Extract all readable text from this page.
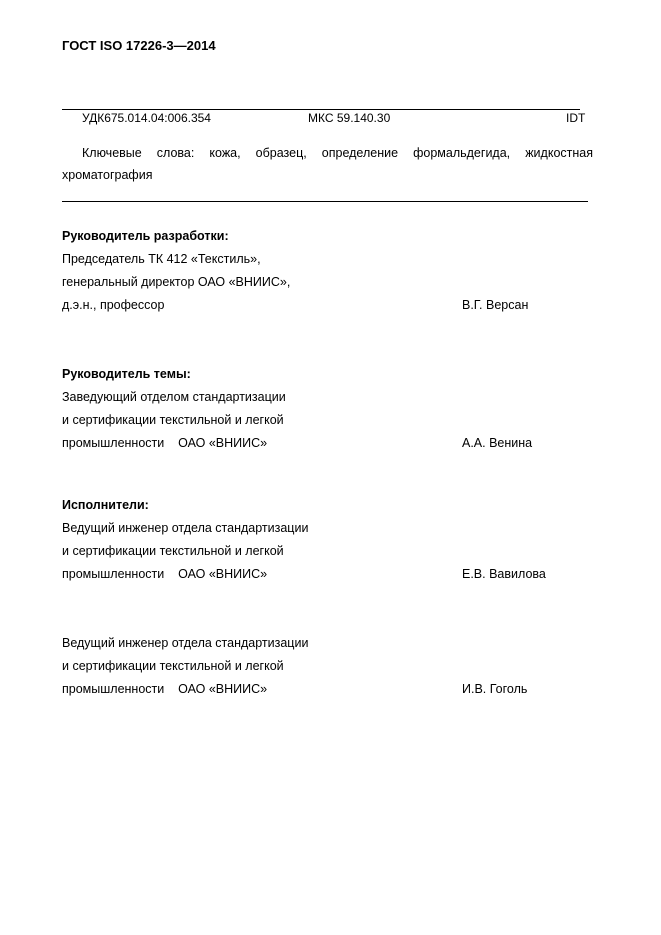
ГОСТ ISO 17226-3—2014
УДК675.014.04:006.354	МКС 59.140.30	IDT
Ключевые слова: кожа, образец, определение формальдегида, жидкостная хроматография
Руководитель разработки:
Председатель ТК 412 «Текстиль»,
генеральный директор ОАО «ВНИИС»,
д.э.н., профессор	В.Г. Версан
Руководитель темы:
Заведующий отделом стандартизации
и сертификации текстильной и легкой
промышленности    ОАО «ВНИИС»	А.А. Венина
Исполнители:
Ведущий инженер отдела стандартизации
и сертификации текстильной и легкой
промышленности    ОАО «ВНИИС»	Е.В. Вавилова
Ведущий инженер отдела стандартизации
и сертификации текстильной и легкой
промышленности    ОАО «ВНИИС»	И.В. Гоголь
